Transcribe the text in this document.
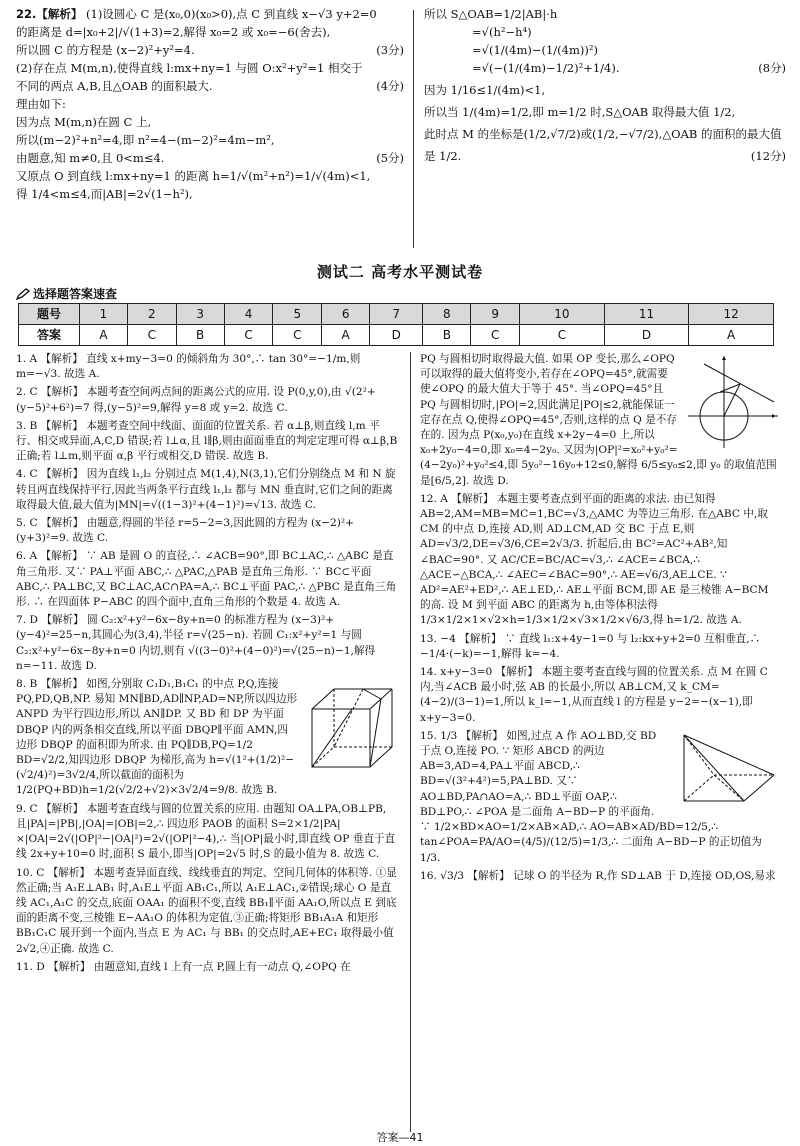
22.【解析】 (1)设圆心 C 是(x₀,0)(x₀>0),点 C 到直线 x−√3 y+2=0

的距离是 d=|x₀+2|/√(1+3)=2,解得 x₀=2 或 x₀=−6(舍去),

(3分)
所以圆 C 的方程是 (x−2)²+y²=4.

(2)存在点 M(m,n),使得直线 l:mx+ny=1 与圆 O:x²+y²=1 相交于

(4分)
不同的两点 A,B,且△OAB 的面积最大.

理由如下:

因为点 M(m,n)在圆 C 上,

所以(m−2)²+n²=4,即 n²=4−(m−2)²=4m−m²,

(5分)
由题意,知 m≠0,且 0<m≤4.

又原点 O 到直线 l:mx+ny=1 的距离 h=1/√(m²+n²)=1/√(4m)<1,

得 1/4<m≤4,而|AB|=2√(1−h²),

所以 S△OAB=1/2|AB|·h

=√(h²−h⁴)

=√(1/(4m)−(1/(4m))²)

(8分)
=√(−(1/(4m)−1/2)²+1/4).

因为 1/16≤1/(4m)<1,

所以当 1/(4m)=1/2,即 m=1/2 时,S△OAB 取得最大值 1/2,

此时点 M 的坐标是(1/2,√7/2)或(1/2,−√7/2),△OAB 的面积的最大值

(12分)
是 1/2.

测试二 高考水平测试卷
选择题答案速查
题号	1	2	3	4	5	6	7	8	9	10	11	12
答案	A	C	B	C	C	A	D	B	C	C	D	A

1. A 【解析】 直线 x+my−3=0 的倾斜角为 30°,∴ tan 30°=−1/m,则 m=−√3. 故选 A.

2. C 【解析】 本题考查空间两点间的距离公式的应用. 设 P(0,y,0),由 √(2²+(y−5)²+6²)=7 得,(y−5)²=9,解得 y=8 或 y=2. 故选 C.

3. B 【解析】 本题考查空间中线面、面面的位置关系. 若 α⊥β,则直线 l,m 平行、相交或异面,A,C,D 错误;若 l⊥α,且 l∥β,则由面面垂直的判定定理可得 α⊥β,B 正确;若 l⊥m,则平面 α,β 平行或相交,D 错误. 故选 B.

4. C 【解析】 因为直线 l₁,l₂ 分别过点 M(1,4),N(3,1),它们分别绕点 M 和 N 旋转且两直线保持平行,因此当两条平行直线 l₁,l₂ 都与 MN 垂直时,它们之间的距离取得最大值,最大值为|MN|=√((1−3)²+(4−1)²)=√13. 故选 C.

5. C 【解析】 由题意,得圆的半径 r=5−2=3,因此圆的方程为 (x−2)²+(y+3)²=9. 故选 C.

6. A 【解析】 ∵ AB 是圆 O 的直径,∴ ∠ACB=90°,即 BC⊥AC,∴ △ABC 是直角三角形. 又∵ PA⊥平面 ABC,∴ △PAC,△PAB 是直角三角形. ∵ BC⊂平面 ABC,∴ PA⊥BC,又 BC⊥AC,AC∩PA=A,∴ BC⊥平面 PAC,∴ △PBC 是直角三角形. ∴ 在四面体 P−ABC 的四个面中,直角三角形的个数是 4. 故选 A.

7. D 【解析】 圆 C₂:x²+y²−6x−8y+n=0 的标准方程为 (x−3)²+(y−4)²=25−n,其圆心为(3,4),半径 r=√(25−n). 若圆 C₁:x²+y²=1 与圆 C₂:x²+y²−6x−8y+n=0 内切,则有 √((3−0)²+(4−0)²)=√(25−n)−1,解得 n=−11. 故选 D.

8. B 【解析】 如图,分别取 C₁D₁,B₁C₁ 的中点 P,Q,连接 PQ,PD,QB,NP. 易知 MN∥BD,AD∥NP,AD=NP,所以四边形 ANPD 为平行四边形,所以 AN∥DP. 又 BD 和 DP 为平面 DBQP 内的两条相交直线,所以平面 DBQP∥平面 AMN,四边形 DBQP 的面积即为所求. 由 PQ∥DB,PQ=1/2 BD=√2/2,知四边形 DBQP 为梯形,高为 h=√(1²+(1/2)²−(√2/4)²)=3√2/4,所以截面的面积为 1/2(PQ+BD)h=1/2(√2/2+√2)×3√2/4=9/8. 故选 B.

9. C 【解析】 本题考查直线与圆的位置关系的应用. 由题知 OA⊥PA,OB⊥PB,且|PA|=|PB|,|OA|=|OB|=2,∴ 四边形 PAOB 的面积 S=2×1/2|PA|×|OA|=2√(|OP|²−|OA|²)=2√(|OP|²−4),∴ 当|OP|最小时,即直线 OP 垂直于直线 2x+y+10=0 时,面积 S 最小,即当|OP|=2√5 时,S 的最小值为 8. 故选 C.

10. C 【解析】 本题考查异面直线、线线垂直的判定、空间几何体的体积等. ①显然正确;当 A₁E⊥AB₁ 时,A₁E⊥平面 AB₁C₁,所以 A₁E⊥AC₁,②错误;球心 O 是直线 AC₁,A₁C 的交点,底面 OAA₁ 的面积不变,直线 BB₁∥平面 AA₁O,所以点 E 到底面的距离不变,三棱锥 E−AA₁O 的体积为定值,③正确;将矩形 BB₁A₁A 和矩形 BB₁C₁C 展开到一个面内,当点 E 为 AC₁ 与 BB₁ 的交点时,AE+EC₁ 取得最小值 2√2,④正确. 故选 C.

11. D 【解析】 由题意知,直线 l 上有一点 P,圆上有一动点 Q,∠OPQ 在

PQ 与圆相切时取得最大值. 如果 OP 变长,那么∠OPQ 可以取得的最大值将变小,若存在∠OPQ=45°,就需要使∠OPQ 的最大值大于等于 45°. 当∠OPQ=45°且 PQ 与圆相切时,|PO|=2,因此满足|PO|≤2,就能保证一定存在点 Q,使得∠OPQ=45°,否则,这样的点 Q 是不存在的. 因为点 P(x₀,y₀)在直线 x+2y−4=0 上,所以 x₀+2y₀−4=0,即 x₀=4−2y₀. 又因为|OP|²=x₀²+y₀²=(4−2y₀)²+y₀²≤4,即 5y₀²−16y₀+12≤0,解得 6/5≤y₀≤2,即 y₀ 的取值范围是[6/5,2]. 故选 D.

12. A 【解析】 本题主要考查点到平面的距离的求法. 由已知得 AB=2,AM=MB=MC=1,BC=√3,△AMC 为等边三角形. 在△ABC 中,取 CM 的中点 D,连接 AD,则 AD⊥CM,AD 交 BC 于点 E,则 AD=√3/2,DE=√3/6,CE=2√3/3. 折起后,由 BC²=AC²+AB²,知∠BAC=90°. 又 AC/CE=BC/AC=√3,∴ ∠ACE=∠BCA,∴ △ACE∽△BCA,∴ ∠AEC=∠BAC=90°,∴ AE=√6/3,AE⊥CE. ∵ AD²=AE²+ED²,∴ AE⊥ED,∴ AE⊥平面 BCM,即 AE 是三棱锥 A−BCM 的高. 设 M 到平面 ABC 的距离为 h,由等体积法得 1/3×1/2×1×√2×h=1/3×1/2×√3×1/2×√6/3,得 h=1/2. 故选 A.

13. −4 【解析】 ∵ 直线 l₁:x+4y−1=0 与 l₂:kx+y+2=0 互相垂直,∴ −1/4·(−k)=−1,解得 k=−4.

14. x+y−3=0 【解析】 本题主要考查直线与圆的位置关系. 点 M 在圆 C 内,当∠ACB 最小时,弦 AB 的长最小,所以 AB⊥CM,又 k_CM=(4−2)/(3−1)=1,所以 k_l=−1,从而直线 l 的方程是 y−2=−(x−1),即 x+y−3=0.

15. 1/3 【解析】 如图,过点 A 作 AO⊥BD,交 BD 于点 O,连接 PO. ∵ 矩形 ABCD 的两边 AB=3,AD=4,PA⊥平面 ABCD,∴ BD=√(3²+4²)=5,PA⊥BD. 又∵ AO⊥BD,PA∩AO=A,∴ BD⊥平面 OAP,∴ BD⊥PO,∴ ∠POA 是二面角 A−BD−P 的平面角. ∵ 1/2×BD×AO=1/2×AB×AD,∴ AO=AB×AD/BD=12/5,∴ tan∠POA=PA/AO=(4/5)/(12/5)=1/3,∴ 二面角 A−BD−P 的正切值为 1/3.

16. √3/3 【解析】 记球 O 的半径为 R,作 SD⊥AB 于 D,连接 OD,OS,易求

答案—41
